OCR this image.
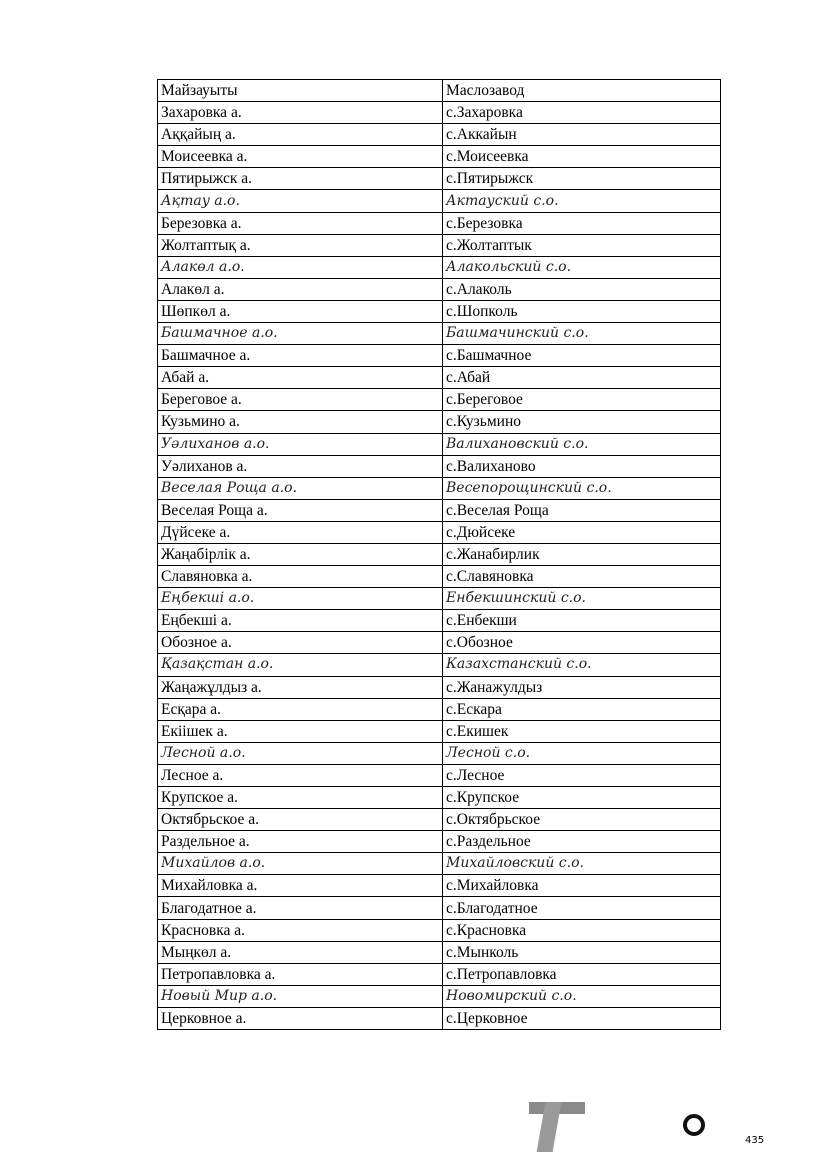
Майзауыты	Маслозавод
Захаровка а.	с.Захаровка
Аққайың а.	с.Аккайын
Моисеевка а.	с.Моисеевка
Пятирыжск а.	с.Пятирыжск
Ақтау а.о.	Актауский с.о.
Березовка а.	с.Березовка
Жолтаптық а.	с.Жолтаптык
Алакөл а.о.	Алакольский с.о.
Алакөл а.	с.Алаколь
Шөпкөл а.	с.Шопколь
Башмачное а.о.	Башмачинский с.о.
Башмачное а.	с.Башмачное
Абай а.	с.Абай
Береговое а.	с.Береговое
Кузьмино а.	с.Кузьмино
Уәлиханов а.о.	Валихановский с.о.
Уәлиханов а.	с.Валиханово
Веселая Роща а.о.	Весепорощинский с.о.
Веселая Роща а.	с.Веселая Роща
Дүйсеке а.	с.Дюйсеке
Жаңабірлік а.	с.Жанабирлик
Славяновка а.	с.Славяновка
Еңбекші а.о.	Енбекшинский с.о.
Еңбекші а.	с.Енбекши
Обозное а.	с.Обозное
Қазақстан а.о.	Казахстанский с.о.
Жаңажұлдыз а.	с.Жанажулдыз
Есқара а.	с.Ескара
Екіішек а.	с.Екишек
Лесной а.о.	Лесной с.о.
Лесное а.	с.Лесное
Крупское а.	с.Крупское
Октябрьское а.	с.Октябрьское
Раздельное а.	с.Раздельное
Михайлов а.о.	Михайловский с.о.
Михайловка а.	с.Михайловка
Благодатное а.	с.Благодатное
Красновка а.	с.Красновка
Мыңкөл а.	с.Мынколь
Петропавловка а.	с.Петропавловка
Новый Мир а.о.	Новомирский с.о.
Церковное а.	с.Церковное
435
